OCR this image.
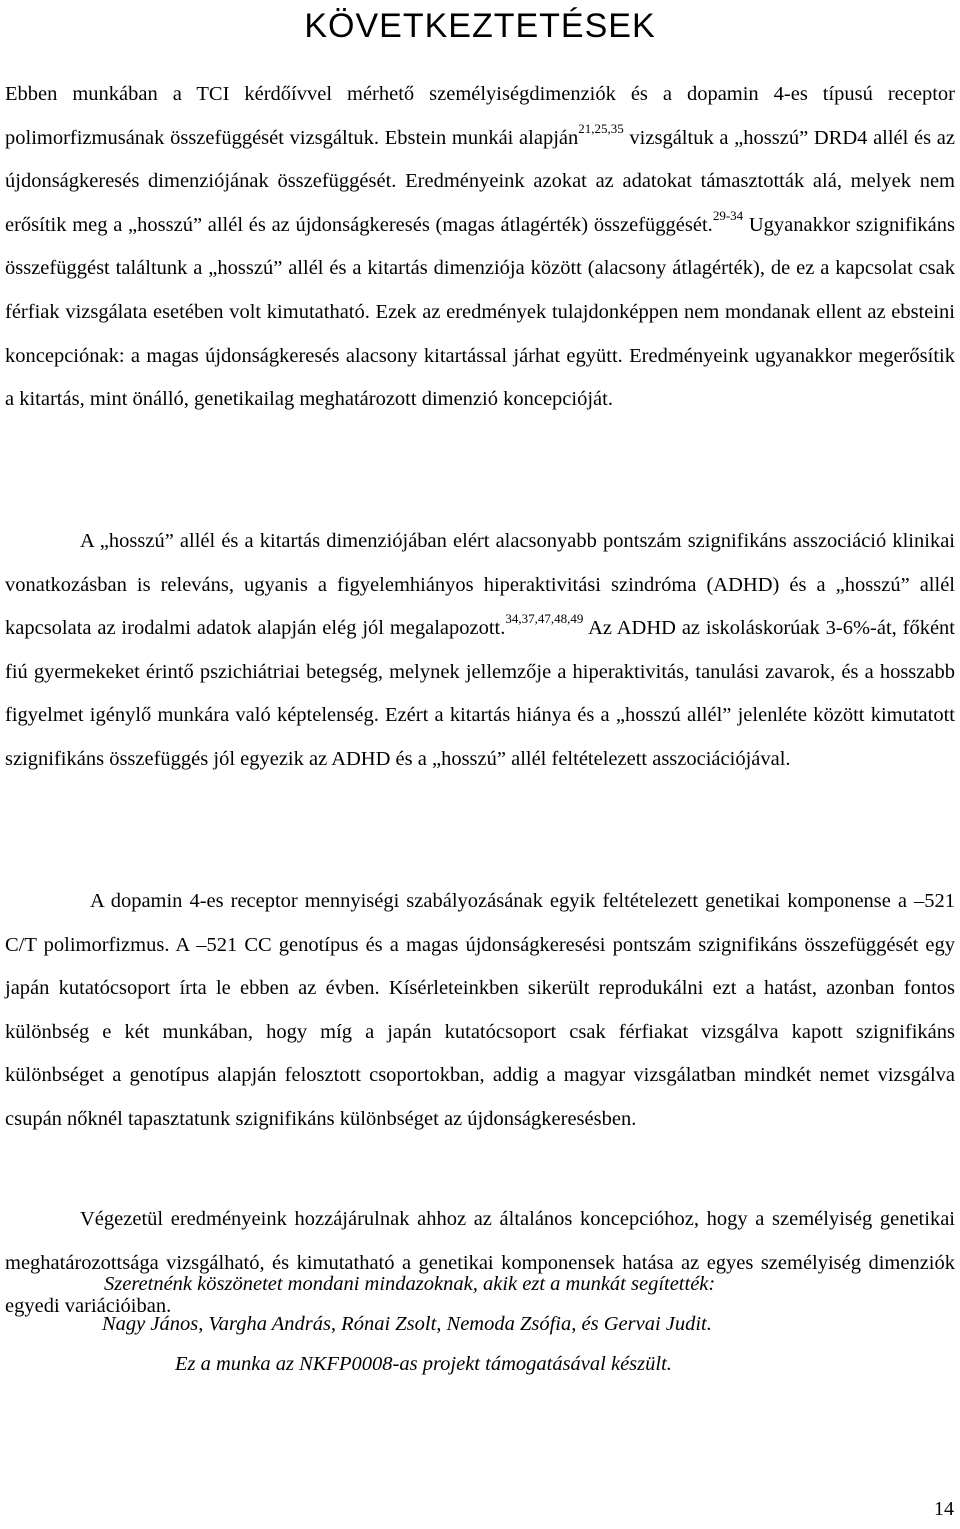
KÖVETKEZTETÉSEK

Ebben munkában a TCI kérdőívvel mérhető személyiségdimenziók és a dopamin 4-es típusú receptor polimorfizmusának összefüggését vizsgáltuk. Ebstein munkái alapján$^{21,25,35}$ vizsgáltuk a „hosszú” DRD4 allél és az újdonságkeresés dimenziójának összefüggését. Eredményeink azokat az adatokat támasztották alá, melyek nem erősítik meg a „hosszú” allél és az újdonságkeresés (magas átlagérték) összefüggését.$^{29-34}$ Ugyanakkor szignifikáns összefüggést találtunk a „hosszú” allél és a kitartás dimenziója között (alacsony átlagérték), de ez a kapcsolat csak férfiak vizsgálata esetében volt kimutatható. Ezek az eredmények tulajdonképpen nem mondanak ellent az ebsteini koncepciónak: a magas újdonságkeresés alacsony kitartással járhat együtt. Eredményeink ugyanakkor megerősítik a kitartás, mint önálló, genetikailag meghatározott dimenzió koncepcióját.

A „hosszú” allél és a kitartás dimenziójában elért alacsonyabb pontszám szignifikáns asszociáció klinikai vonatkozásban is releváns, ugyanis a figyelemhiányos hiperaktivitási szindróma (ADHD) és a „hosszú” allél kapcsolata az irodalmi adatok alapján elég jól megalapozott.$^{34,37,47,48,49}$ Az ADHD az iskoláskorúak 3-6%-át, főként fiú gyermekeket érintő pszichiátriai betegség, melynek jellemzője a hiperaktivitás, tanulási zavarok, és a hosszabb figyelmet igénylő munkára való képtelenség. Ezért a kitartás hiánya és a „hosszú allél” jelenléte között kimutatott szignifikáns összefüggés jól egyezik az ADHD és a „hosszú” allél feltételezett asszociációjával.

A dopamin 4-es receptor mennyiségi szabályozásának egyik feltételezett genetikai komponense a –521 C/T polimorfizmus. A –521 CC genotípus és a magas újdonságkeresési pontszám szignifikáns összefüggését egy japán kutatócsoport írta le ebben az évben. Kísérleteinkben sikerült reprodukálni ezt a hatást, azonban fontos különbség e két munkában, hogy míg a japán kutatócsoport csak férfiakat vizsgálva kapott szignifikáns különbséget a genotípus alapján felosztott csoportokban, addig a magyar vizsgálatban mindkét nemet vizsgálva csupán nőknél tapasztatunk szignifikáns különbséget az újdonságkeresésben.

Végezetül eredményeink hozzájárulnak ahhoz az általános koncepcióhoz, hogy a személyiség genetikai meghatározottsága vizsgálható, és kimutatható a genetikai komponensek hatása az egyes személyiség dimenziók egyedi variációiban.

Szeretnénk köszönetet mondani mindazoknak, akik ezt a munkát segítették:
Nagy János, Vargha András, Rónai Zsolt, Nemoda Zsófia, és Gervai Judit.
Ez a munka az NKFP0008-as projekt támogatásával készült.
14
